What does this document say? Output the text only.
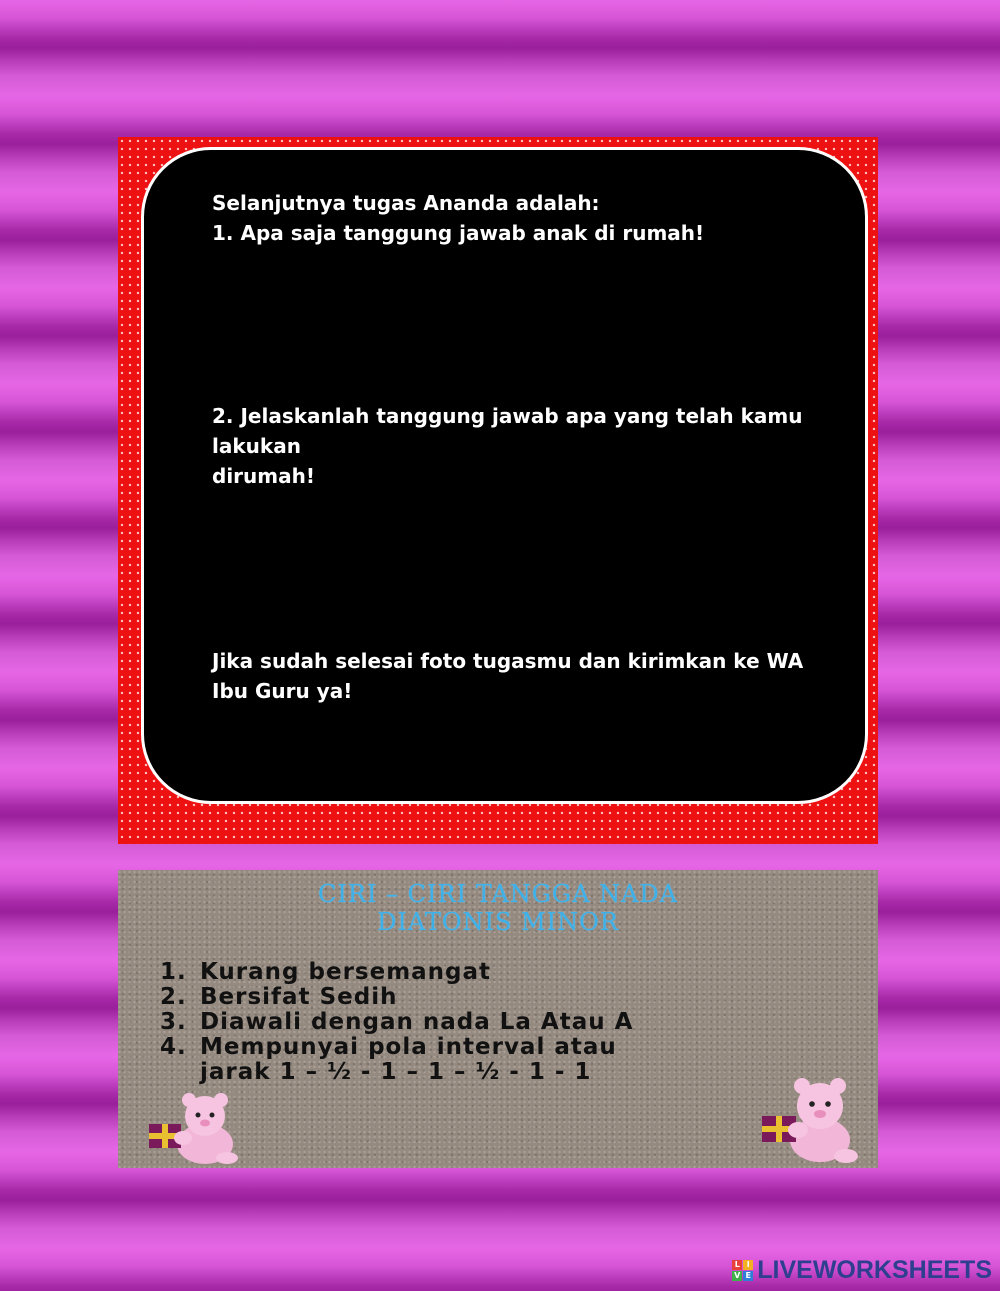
Selanjutnya tugas Ananda adalah:
1. Apa saja tanggung jawab anak di rumah!
2. Jelaskanlah tanggung jawab apa yang telah kamu
lakukan
dirumah!
Jika sudah selesai foto tugasmu dan kirimkan ke WA
Ibu Guru ya!
CIRI – CIRI TANGGA NADA
DIATONIS MINOR
1. Kurang bersemangat
2. Bersifat Sedih
3. Diawali dengan nada La Atau A
4. Mempunyai pola interval atau
jarak 1 – ½ - 1 – 1 – ½ - 1 - 1
L I
V E LIVEWORKSHEETS
